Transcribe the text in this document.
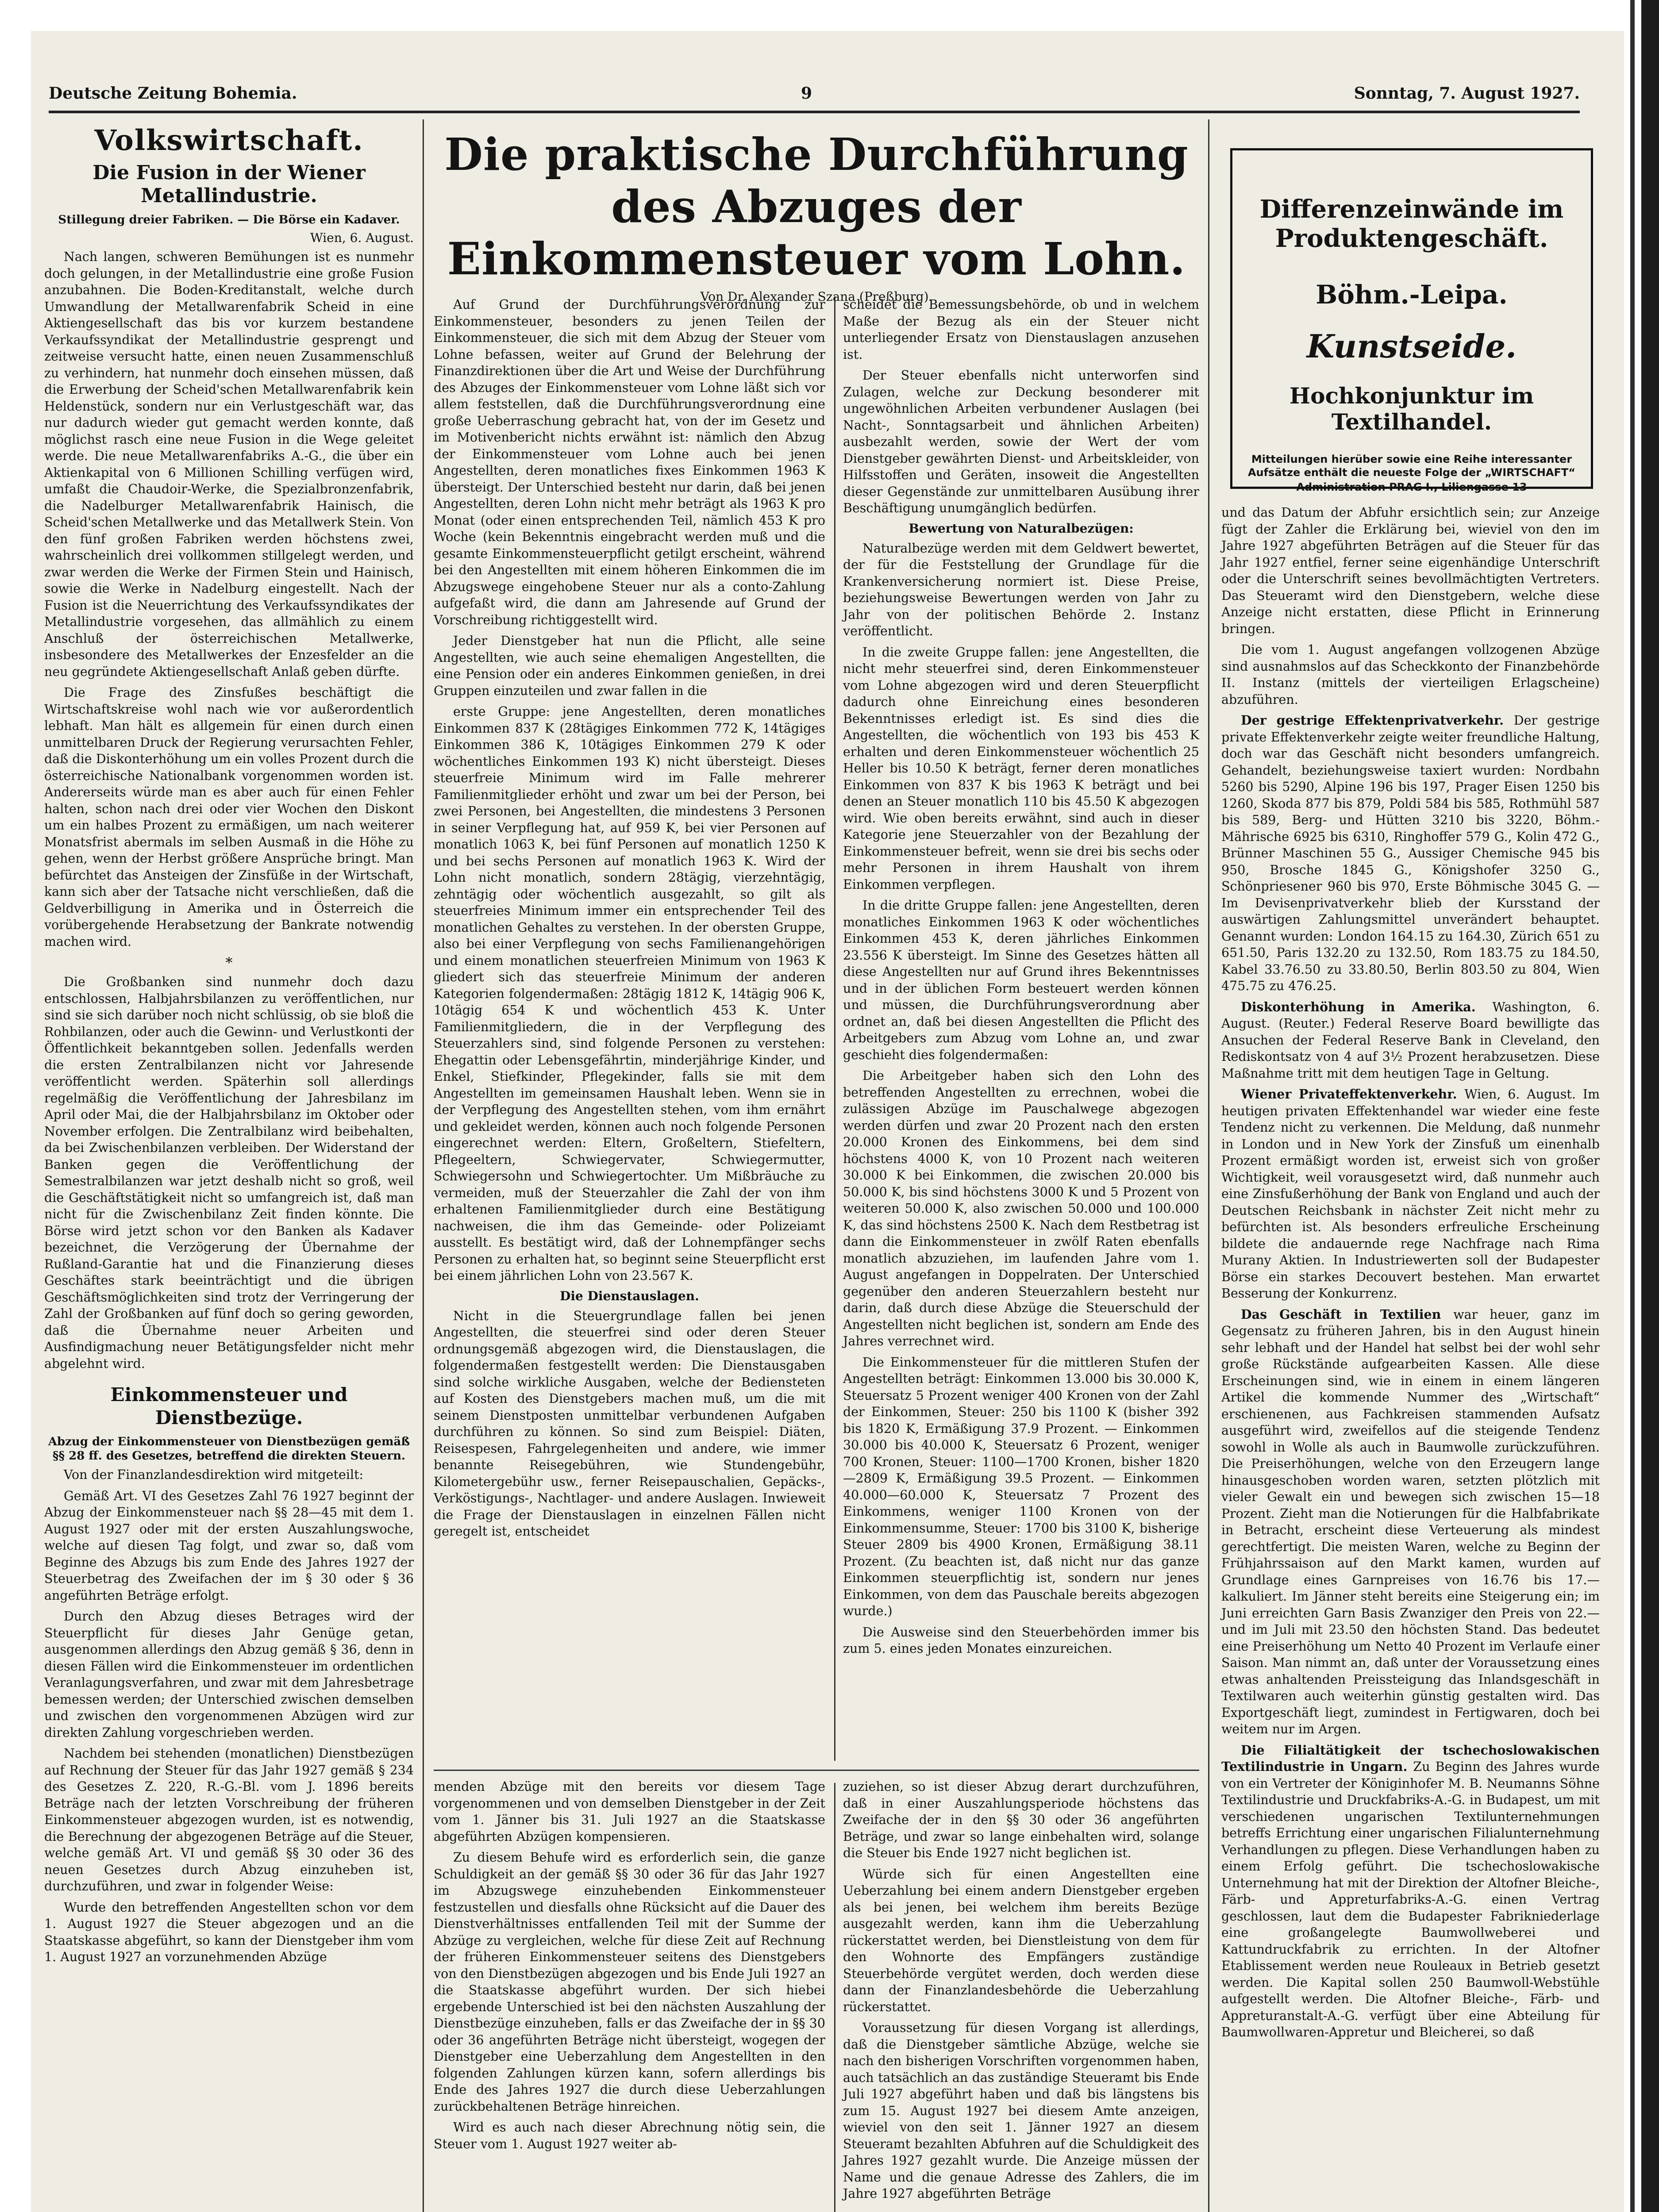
Deutsche Zeitung Bohemia.	9	Sonntag, 7. August 1927.
Volkswirtschaft.
Die Fusion in der Wiener Metallindustrie.
Stillegung dreier Fabriken. — Die Börse ein Kadaver.
Wien, 6. August.

Nach langen, schweren Bemühungen ist es nunmehr doch gelungen, in der Metallindustrie eine große Fusion anzubahnen. Die Boden-Kreditanstalt, welche durch Umwandlung der Metallwarenfabrik Scheid in eine Aktiengesellschaft das bis vor kurzem bestandene Verkaufssyndikat der Metallindustrie gesprengt und zeitweise versucht hatte, einen neuen Zusammenschluß zu verhindern, hat nunmehr doch einsehen müssen, daß die Erwerbung der Scheid'schen Metallwarenfabrik kein Heldenstück, sondern nur ein Verlustgeschäft war, das nur dadurch wieder gut gemacht werden konnte, daß möglichst rasch eine neue Fusion in die Wege geleitet werde. Die neue Metallwarenfabriks A.-G., die über ein Aktienkapital von 6 Millionen Schilling verfügen wird, umfaßt die Chaudoir-Werke, die Spezialbronzenfabrik, die Nadelburger Metallwarenfabrik Hainisch, die Scheid'schen Metallwerke und das Metallwerk Stein. Von den fünf großen Fabriken werden höchstens zwei, wahrscheinlich drei vollkommen stillgelegt werden, und zwar werden die Werke der Firmen Stein und Hainisch, sowie die Werke in Nadelburg eingestellt. Nach der Fusion ist die Neuerrichtung des Verkaufssyndikates der Metallindustrie vorgesehen, das allmählich zu einem Anschluß der österreichischen Metallwerke, insbesondere des Metallwerkes der Enzesfelder an die neu gegründete Aktiengesellschaft Anlaß geben dürfte.

Die Frage des Zinsfußes beschäftigt die Wirtschaftskreise wohl nach wie vor außerordentlich lebhaft. Man hält es allgemein für einen durch einen unmittelbaren Druck der Regierung verursachten Fehler, daß die Diskonterhöhung um ein volles Prozent durch die österreichische Nationalbank vorgenommen worden ist. Andererseits würde man es aber auch für einen Fehler halten, schon nach drei oder vier Wochen den Diskont um ein halbes Prozent zu ermäßigen, um nach weiterer Monatsfrist abermals im selben Ausmaß in die Höhe zu gehen, wenn der Herbst größere Ansprüche bringt. Man befürchtet das Ansteigen der Zinsfüße in der Wirtschaft, kann sich aber der Tatsache nicht verschließen, daß die Geldverbilligung in Amerika und in Österreich die vorübergehende Herabsetzung der Bankrate notwendig machen wird.

*

Die Großbanken sind nunmehr doch dazu entschlossen, Halbjahrsbilanzen zu veröffentlichen, nur sind sie sich darüber noch nicht schlüssig, ob sie bloß die Rohbilanzen, oder auch die Gewinn- und Verlustkonti der Öffentlichkeit bekanntgeben sollen. Jedenfalls werden die ersten Zentralbilanzen nicht vor Jahresende veröffentlicht werden. Späterhin soll allerdings regelmäßig die Veröffentlichung der Jahresbilanz im April oder Mai, die der Halbjahrsbilanz im Oktober oder November erfolgen. Die Zentralbilanz wird beibehalten, da bei Zwischenbilanzen verbleiben. Der Widerstand der Banken gegen die Veröffentlichung der Semestralbilanzen war jetzt deshalb nicht so groß, weil die Geschäftstätigkeit nicht so umfangreich ist, daß man nicht für die Zwischenbilanz Zeit finden könnte. Die Börse wird jetzt schon vor den Banken als Kadaver bezeichnet, die Verzögerung der Übernahme der Rußland-Garantie hat und die Finanzierung dieses Geschäftes stark beeinträchtigt und die übrigen Geschäftsmöglichkeiten sind trotz der Verringerung der Zahl der Großbanken auf fünf doch so gering geworden, daß die Übernahme neuer Arbeiten und Ausfindigmachung neuer Betätigungsfelder nicht mehr abgelehnt wird.

Einkommensteuer und Dienstbezüge.
Abzug der Einkommensteuer von Dienstbezügen gemäß §§ 28 ff. des Gesetzes, betreffend die direkten Steuern.

Von der Finanzlandesdirektion wird mitgeteilt:

Gemäß Art. VI des Gesetzes Zahl 76 1927 beginnt der Abzug der Einkommensteuer nach §§ 28—45 mit dem 1. August 1927 oder mit der ersten Auszahlungswoche, welche auf diesen Tag folgt, und zwar so, daß vom Beginne des Abzugs bis zum Ende des Jahres 1927 der Steuerbetrag des Zweifachen der im § 30 oder § 36 angeführten Beträge erfolgt.

Durch den Abzug dieses Betrages wird der Steuerpflicht für dieses Jahr Genüge getan, ausgenommen allerdings den Abzug gemäß § 36, denn in diesen Fällen wird die Einkommensteuer im ordentlichen Veranlagungsverfahren, und zwar mit dem Jahresbetrage bemessen werden; der Unterschied zwischen demselben und zwischen den vorgenommenen Abzügen wird zur direkten Zahlung vorgeschrieben werden.

Nachdem bei stehenden (monatlichen) Dienstbezügen auf Rechnung der Steuer für das Jahr 1927 gemäß § 234 des Gesetzes Z. 220, R.-G.-Bl. vom J. 1896 bereits Beträge nach der letzten Vorschreibung der früheren Einkommensteuer abgezogen wurden, ist es notwendig, die Berechnung der abgezogenen Beträge auf die Steuer, welche gemäß Art. VI und gemäß §§ 30 oder 36 des neuen Gesetzes durch Abzug einzuheben ist, durchzuführen, und zwar in folgender Weise:

Wurde den betreffenden Angestellten schon vor dem 1. August 1927 die Steuer abgezogen und an die Staatskasse abgeführt, so kann der Dienstgeber ihm vom 1. August 1927 an vorzunehmenden Abzüge

Die praktische Durchführung des Abzuges der Einkommensteuer vom Lohn.
Von Dr. Alexander Szana (Preßburg).

Auf Grund der Durchführungsverordnung zur Einkommensteuer, besonders zu jenen Teilen der Einkommensteuer, die sich mit dem Abzug der Steuer vom Lohne befassen, weiter auf Grund der Belehrung der Finanzdirektionen über die Art und Weise der Durchführung des Abzuges der Einkommensteuer vom Lohne läßt sich vor allem feststellen, daß die Durchführungsverordnung eine große Ueberraschung gebracht hat, von der im Gesetz und im Motivenbericht nichts erwähnt ist: nämlich den Abzug der Einkommensteuer vom Lohne auch bei jenen Angestellten, deren monatliches fixes Einkommen 1963 K übersteigt. Der Unterschied besteht nur darin, daß bei jenen Angestellten, deren Lohn nicht mehr beträgt als 1963 K pro Monat (oder einen entsprechenden Teil, nämlich 453 K pro Woche (kein Bekenntnis eingebracht werden muß und die gesamte Einkommensteuerpflicht getilgt erscheint, während bei den Angestellten mit einem höheren Einkommen die im Abzugswege eingehobene Steuer nur als a conto-Zahlung aufgefaßt wird, die dann am Jahresende auf Grund der Vorschreibung richtiggestellt wird.

Jeder Dienstgeber hat nun die Pflicht, alle seine Angestellten, wie auch seine ehemaligen Angestellten, die eine Pension oder ein anderes Einkommen genießen, in drei Gruppen einzuteilen und zwar fallen in die

erste Gruppe: jene Angestellten, deren monatliches Einkommen 837 K (28tägiges Einkommen 772 K, 14tägiges Einkommen 386 K, 10tägiges Einkommen 279 K oder wöchentliches Einkommen 193 K) nicht übersteigt. Dieses steuerfreie Minimum wird im Falle mehrerer Familienmitglieder erhöht und zwar um bei der Person, bei zwei Personen, bei Angestellten, die mindestens 3 Personen in seiner Verpflegung hat, auf 959 K, bei vier Personen auf monatlich 1063 K, bei fünf Personen auf monatlich 1250 K und bei sechs Personen auf monatlich 1963 K. Wird der Lohn nicht monatlich, sondern 28tägig, vierzehntägig, zehntägig oder wöchentlich ausgezahlt, so gilt als steuerfreies Minimum immer ein entsprechender Teil des monatlichen Gehaltes zu verstehen. In der obersten Gruppe, also bei einer Verpflegung von sechs Familienangehörigen und einem monatlichen steuerfreien Minimum von 1963 K gliedert sich das steuerfreie Minimum der anderen Kategorien folgendermaßen: 28tägig 1812 K, 14tägig 906 K, 10tägig 654 K und wöchentlich 453 K. Unter Familienmitgliedern, die in der Verpflegung des Steuerzahlers sind, sind folgende Personen zu verstehen: Ehegattin oder Lebensgefährtin, minderjährige Kinder, und Enkel, Stiefkinder, Pflegekinder, falls sie mit dem Angestellten im gemeinsamen Haushalt leben. Wenn sie in der Verpflegung des Angestellten stehen, vom ihm ernährt und gekleidet werden, können auch noch folgende Personen eingerechnet werden: Eltern, Großeltern, Stiefeltern, Pflegeeltern, Schwiegervater, Schwiegermutter, Schwiegersohn und Schwiegertochter. Um Mißbräuche zu vermeiden, muß der Steuerzahler die Zahl der von ihm erhaltenen Familienmitglieder durch eine Bestätigung nachweisen, die ihm das Gemeinde- oder Polizeiamt ausstellt. Es bestätigt wird, daß der Lohnempfänger sechs Personen zu erhalten hat, so beginnt seine Steuerpflicht erst bei einem jährlichen Lohn von 23.567 K.

Die Dienstauslagen.

Nicht in die Steuergrundlage fallen bei jenen Angestellten, die steuerfrei sind oder deren Steuer ordnungsgemäß abgezogen wird, die Dienstauslagen, die folgendermaßen festgestellt werden: Die Dienstausgaben sind solche wirkliche Ausgaben, welche der Bediensteten auf Kosten des Dienstgebers machen muß, um die mit seinem Dienstposten unmittelbar verbundenen Aufgaben durchführen zu können. So sind zum Beispiel: Diäten, Reisespesen, Fahrgelegenheiten und andere, wie immer benannte Reisegebühren, wie Stundengebühr, Kilometergebühr usw., ferner Reisepauschalien, Gepäcks-, Verköstigungs-, Nachtlager- und andere Auslagen. Inwieweit die Frage der Dienstauslagen in einzelnen Fällen nicht geregelt ist, entscheidet

scheidet die Bemessungsbehörde, ob und in welchem Maße der Bezug als ein der Steuer nicht unterliegender Ersatz von Dienstauslagen anzusehen ist.

Der Steuer ebenfalls nicht unterworfen sind Zulagen, welche zur Deckung besonderer mit ungewöhnlichen Arbeiten verbundener Auslagen (bei Nacht-, Sonntagsarbeit und ähnlichen Arbeiten) ausbezahlt werden, sowie der Wert der vom Dienstgeber gewährten Dienst- und Arbeitskleider, von Hilfsstoffen und Geräten, insoweit die Angestellten dieser Gegenstände zur unmittelbaren Ausübung ihrer Beschäftigung unumgänglich bedürfen.

Bewertung von Naturalbezügen:

Naturalbezüge werden mit dem Geldwert bewertet, der für die Feststellung der Grundlage für die Krankenversicherung normiert ist. Diese Preise, beziehungsweise Bewertungen werden von Jahr zu Jahr von der politischen Behörde 2. Instanz veröffentlicht.

In die zweite Gruppe fallen: jene Angestellten, die nicht mehr steuerfrei sind, deren Einkommensteuer vom Lohne abgezogen wird und deren Steuerpflicht dadurch ohne Einreichung eines besonderen Bekenntnisses erledigt ist. Es sind dies die Angestellten, die wöchentlich von 193 bis 453 K erhalten und deren Einkommensteuer wöchentlich 25 Heller bis 10.50 K beträgt, ferner deren monatliches Einkommen von 837 K bis 1963 K beträgt und bei denen an Steuer monatlich 110 bis 45.50 K abgezogen wird. Wie oben bereits erwähnt, sind auch in dieser Kategorie jene Steuerzahler von der Bezahlung der Einkommensteuer befreit, wenn sie drei bis sechs oder mehr Personen in ihrem Haushalt von ihrem Einkommen verpflegen.

In die dritte Gruppe fallen: jene Angestellten, deren monatliches Einkommen 1963 K oder wöchentliches Einkommen 453 K, deren jährliches Einkommen 23.556 K übersteigt. Im Sinne des Gesetzes hätten all diese Angestellten nur auf Grund ihres Bekenntnisses und in der üblichen Form besteuert werden können und müssen, die Durchführungsverordnung aber ordnet an, daß bei diesen Angestellten die Pflicht des Arbeitgebers zum Abzug vom Lohne an, und zwar geschieht dies folgendermaßen:

Die Arbeitgeber haben sich den Lohn des betreffenden Angestellten zu errechnen, wobei die zulässigen Abzüge im Pauschalwege abgezogen werden dürfen und zwar 20 Prozent nach den ersten 20.000 Kronen des Einkommens, bei dem sind höchstens 4000 K, von 10 Prozent nach weiteren 30.000 K bei Einkommen, die zwischen 20.000 bis 50.000 K, bis sind höchstens 3000 K und 5 Prozent von weiteren 50.000 K, also zwischen 50.000 und 100.000 K, das sind höchstens 2500 K. Nach dem Restbetrag ist dann die Einkommensteuer in zwölf Raten ebenfalls monatlich abzuziehen, im laufenden Jahre vom 1. August angefangen in Doppelraten. Der Unterschied gegenüber den anderen Steuerzahlern besteht nur darin, daß durch diese Abzüge die Steuerschuld der Angestellten nicht beglichen ist, sondern am Ende des Jahres verrechnet wird.

Die Einkommensteuer für die mittleren Stufen der Angestellten beträgt: Einkommen 13.000 bis 30.000 K, Steuersatz 5 Prozent weniger 400 Kronen von der Zahl der Einkommen, Steuer: 250 bis 1100 K (bisher 392 bis 1820 K, Ermäßigung 37.9 Prozent. — Einkommen 30.000 bis 40.000 K, Steuersatz 6 Prozent, weniger 700 Kronen, Steuer: 1100—1700 Kronen, bisher 1820—2809 K, Ermäßigung 39.5 Prozent. — Einkommen 40.000—60.000 K, Steuersatz 7 Prozent des Einkommens, weniger 1100 Kronen von der Einkommensumme, Steuer: 1700 bis 3100 K, bisherige Steuer 2809 bis 4900 Kronen, Ermäßigung 38.11 Prozent. (Zu beachten ist, daß nicht nur das ganze Einkommen steuerpflichtig ist, sondern nur jenes Einkommen, von dem das Pauschale bereits abgezogen wurde.)

Die Ausweise sind den Steuerbehörden immer bis zum 5. eines jeden Monates einzureichen.

menden Abzüge mit den bereits vor diesem Tage vorgenommenen und von demselben Dienstgeber in der Zeit vom 1. Jänner bis 31. Juli 1927 an die Staatskasse abgeführten Abzügen kompensieren.

Zu diesem Behufe wird es erforderlich sein, die ganze Schuldigkeit an der gemäß §§ 30 oder 36 für das Jahr 1927 im Abzugswege einzuhebenden Einkommensteuer festzustellen und diesfalls ohne Rücksicht auf die Dauer des Dienstverhältnisses entfallenden Teil mit der Summe der Abzüge zu vergleichen, welche für diese Zeit auf Rechnung der früheren Einkommensteuer seitens des Dienstgebers von den Dienstbezügen abgezogen und bis Ende Juli 1927 an die Staatskasse abgeführt wurden. Der sich hiebei ergebende Unterschied ist bei den nächsten Auszahlung der Dienstbezüge einzuheben, falls er das Zweifache der in §§ 30 oder 36 angeführten Beträge nicht übersteigt, wogegen der Dienstgeber eine Ueberzahlung dem Angestellten in den folgenden Zahlungen kürzen kann, sofern allerdings bis Ende des Jahres 1927 die durch diese Ueberzahlungen zurückbehaltenen Beträge hinreichen.

Wird es auch nach dieser Abrechnung nötig sein, die Steuer vom 1. August 1927 weiter ab-

zuziehen, so ist dieser Abzug derart durchzuführen, daß in einer Auszahlungsperiode höchstens das Zweifache der in den §§ 30 oder 36 angeführten Beträge, und zwar so lange einbehalten wird, solange die Steuer bis Ende 1927 nicht beglichen ist.

Würde sich für einen Angestellten eine Ueberzahlung bei einem andern Dienstgeber ergeben als bei jenen, bei welchem ihm bereits Bezüge ausgezahlt werden, kann ihm die Ueberzahlung rückerstattet werden, bei Dienstleistung von dem für den Wohnorte des Empfängers zuständige Steuerbehörde vergütet werden, doch werden diese dann der Finanzlandesbehörde die Ueberzahlung rückerstattet.

Voraussetzung für diesen Vorgang ist allerdings, daß die Dienstgeber sämtliche Abzüge, welche sie nach den bisherigen Vorschriften vorgenommen haben, auch tatsächlich an das zuständige Steueramt bis Ende Juli 1927 abgeführt haben und daß bis längstens bis zum 15. August 1927 bei diesem Amte anzeigen, wieviel von den seit 1. Jänner 1927 an diesem Steueramt bezahlten Abfuhren auf die Schuldigkeit des Jahres 1927 gezahlt wurde. Die Anzeige müssen der Name und die genaue Adresse des Zahlers, die im Jahre 1927 abgeführten Beträge

Differenzeinwände im Produktengeschäft.
Böhm.-Leipa.
Kunstseide.
Hochkonjunktur im Textilhandel.
Mitteilungen hierüber sowie eine Reihe interessanter Aufsätze enthält die neueste Folge der „WIRTSCHAFT“
Administration PRAG I., Liliengasse 13

und das Datum der Abfuhr ersichtlich sein; zur Anzeige fügt der Zahler die Erklärung bei, wieviel von den im Jahre 1927 abgeführten Beträgen auf die Steuer für das Jahr 1927 entfiel, ferner seine eigenhändige Unterschrift oder die Unterschrift seines bevollmächtigten Vertreters. Das Steueramt wird den Dienstgebern, welche diese Anzeige nicht erstatten, diese Pflicht in Erinnerung bringen.

Die vom 1. August angefangen vollzogenen Abzüge sind ausnahmslos auf das Scheckkonto der Finanzbehörde II. Instanz (mittels der vierteiligen Erlagscheine) abzuführen.

Der gestrige Effektenprivatverkehr. Der gestrige private Effektenverkehr zeigte weiter freundliche Haltung, doch war das Geschäft nicht besonders umfangreich. Gehandelt, beziehungsweise taxiert wurden: Nordbahn 5260 bis 5290, Alpine 196 bis 197, Prager Eisen 1250 bis 1260, Skoda 877 bis 879, Poldi 584 bis 585, Rothmühl 587 bis 589, Berg- und Hütten 3210 bis 3220, Böhm.-Mährische 6925 bis 6310, Ringhoffer 579 G., Kolin 472 G., Brünner Maschinen 55 G., Aussiger Chemische 945 bis 950, Brosche 1845 G., Königshofer 3250 G., Schönpriesener 960 bis 970, Erste Böhmische 3045 G. — Im Devisenprivatverkehr blieb der Kursstand der auswärtigen Zahlungsmittel unverändert behauptet. Genannt wurden: London 164.15 zu 164.30, Zürich 651 zu 651.50, Paris 132.20 zu 132.50, Rom 183.75 zu 184.50, Kabel 33.76.50 zu 33.80.50, Berlin 803.50 zu 804, Wien 475.75 zu 476.25.

Diskonterhöhung in Amerika. Washington, 6. August. (Reuter.) Federal Reserve Board bewilligte das Ansuchen der Federal Reserve Bank in Cleveland, den Rediskontsatz von 4 auf 3½ Prozent herabzusetzen. Diese Maßnahme tritt mit dem heutigen Tage in Geltung.

Wiener Privateffektenverkehr. Wien, 6. August. Im heutigen privaten Effektenhandel war wieder eine feste Tendenz nicht zu verkennen. Die Meldung, daß nunmehr in London und in New York der Zinsfuß um einenhalb Prozent ermäßigt worden ist, erweist sich von großer Wichtigkeit, weil vorausgesetzt wird, daß nunmehr auch eine Zinsfußerhöhung der Bank von England und auch der Deutschen Reichsbank in nächster Zeit nicht mehr zu befürchten ist. Als besonders erfreuliche Erscheinung bildete die andauernde rege Nachfrage nach Rima Murany Aktien. In Industriewerten soll der Budapester Börse ein starkes Decouvert bestehen. Man erwartet Besserung der Konkurrenz.

Das Geschäft in Textilien war heuer, ganz im Gegensatz zu früheren Jahren, bis in den August hinein sehr lebhaft und der Handel hat selbst bei der wohl sehr große Rückstände aufgearbeiten Kassen. Alle diese Erscheinungen sind, wie in einem in einem längeren Artikel die kommende Nummer des „Wirtschaft“ erschienenen, aus Fachkreisen stammenden Aufsatz ausgeführt wird, zweifellos auf die steigende Tendenz sowohl in Wolle als auch in Baumwolle zurückzuführen. Die Preiserhöhungen, welche von den Erzeugern lange hinausgeschoben worden waren, setzten plötzlich mit vieler Gewalt ein und bewegen sich zwischen 15—18 Prozent. Zieht man die Notierungen für die Halbfabrikate in Betracht, erscheint diese Verteuerung als mindest gerechtfertigt. Die meisten Waren, welche zu Beginn der Frühjahrssaison auf den Markt kamen, wurden auf Grundlage eines Garnpreises von 16.76 bis 17.— kalkuliert. Im Jänner steht bereits eine Steigerung ein; im Juni erreichten Garn Basis Zwanziger den Preis von 22.— und im Juli mit 23.50 den höchsten Stand. Das bedeutet eine Preiserhöhung um Netto 40 Prozent im Verlaufe einer Saison. Man nimmt an, daß unter der Voraussetzung eines etwas anhaltenden Preissteigung das Inlandsgeschäft in Textilwaren auch weiterhin günstig gestalten wird. Das Exportgeschäft liegt, zumindest in Fertigwaren, doch bei weitem nur im Argen.

Die Filialtätigkeit der tschechoslowakischen Textilindustrie in Ungarn. Zu Beginn des Jahres wurde von ein Vertreter der Königinhofer M. B. Neumanns Söhne Textilindustrie und Druckfabriks-A.-G. in Budapest, um mit verschiedenen ungarischen Textilunternehmungen betreffs Errichtung einer ungarischen Filialunternehmung Verhandlungen zu pflegen. Diese Verhandlungen haben zu einem Erfolg geführt. Die tschechoslowakische Unternehmung hat mit der Direktion der Altofner Bleiche-, Färb- und Appreturfabriks-A.-G. einen Vertrag geschlossen, laut dem die Budapester Fabrikniederlage eine großangelegte Baumwollweberei und Kattundruckfabrik zu errichten. In der Altofner Etablissement werden neue Rouleaux in Betrieb gesetzt werden. Die Kapital sollen 250 Baumwoll-Webstühle aufgestellt werden. Die Altofner Bleiche-, Färb- und Appreturanstalt-A.-G. verfügt über eine Abteilung für Baumwollwaren-Appretur und Bleicherei, so daß
